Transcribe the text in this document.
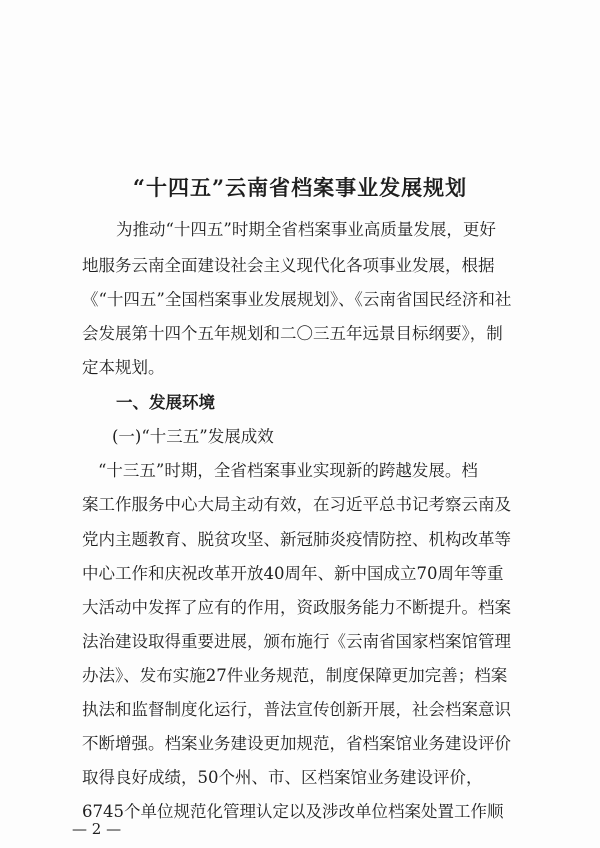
“十四五”云南省档案事业发展规划
为推动“十四五”时期全省档案事业高质量发展，更好
地服务云南全面建设社会主义现代化各项事业发展，根据
《“十四五”全国档案事业发展规划》、《云南省国民经济和社
会发展第十四个五年规划和二〇三五年远景目标纲要》，制
定本规划。
一、发展环境
(一)“十三五”发展成效
“十三五”时期，全省档案事业实现新的跨越发展。档
案工作服务中心大局主动有效，在习近平总书记考察云南及
党内主题教育、脱贫攻坚、新冠肺炎疫情防控、机构改革等
中心工作和庆祝改革开放40周年、新中国成立70周年等重
大活动中发挥了应有的作用，资政服务能力不断提升。档案
法治建设取得重要进展，颁布施行《云南省国家档案馆管理
办法》、发布实施27件业务规范，制度保障更加完善；档案
执法和监督制度化运行，普法宣传创新开展，社会档案意识
不断增强。档案业务建设更加规范，省档案馆业务建设评价
取得良好成绩，50个州、市、区档案馆业务建设评价，
6745个单位规范化管理认定以及涉改单位档案处置工作顺
— 2 —
